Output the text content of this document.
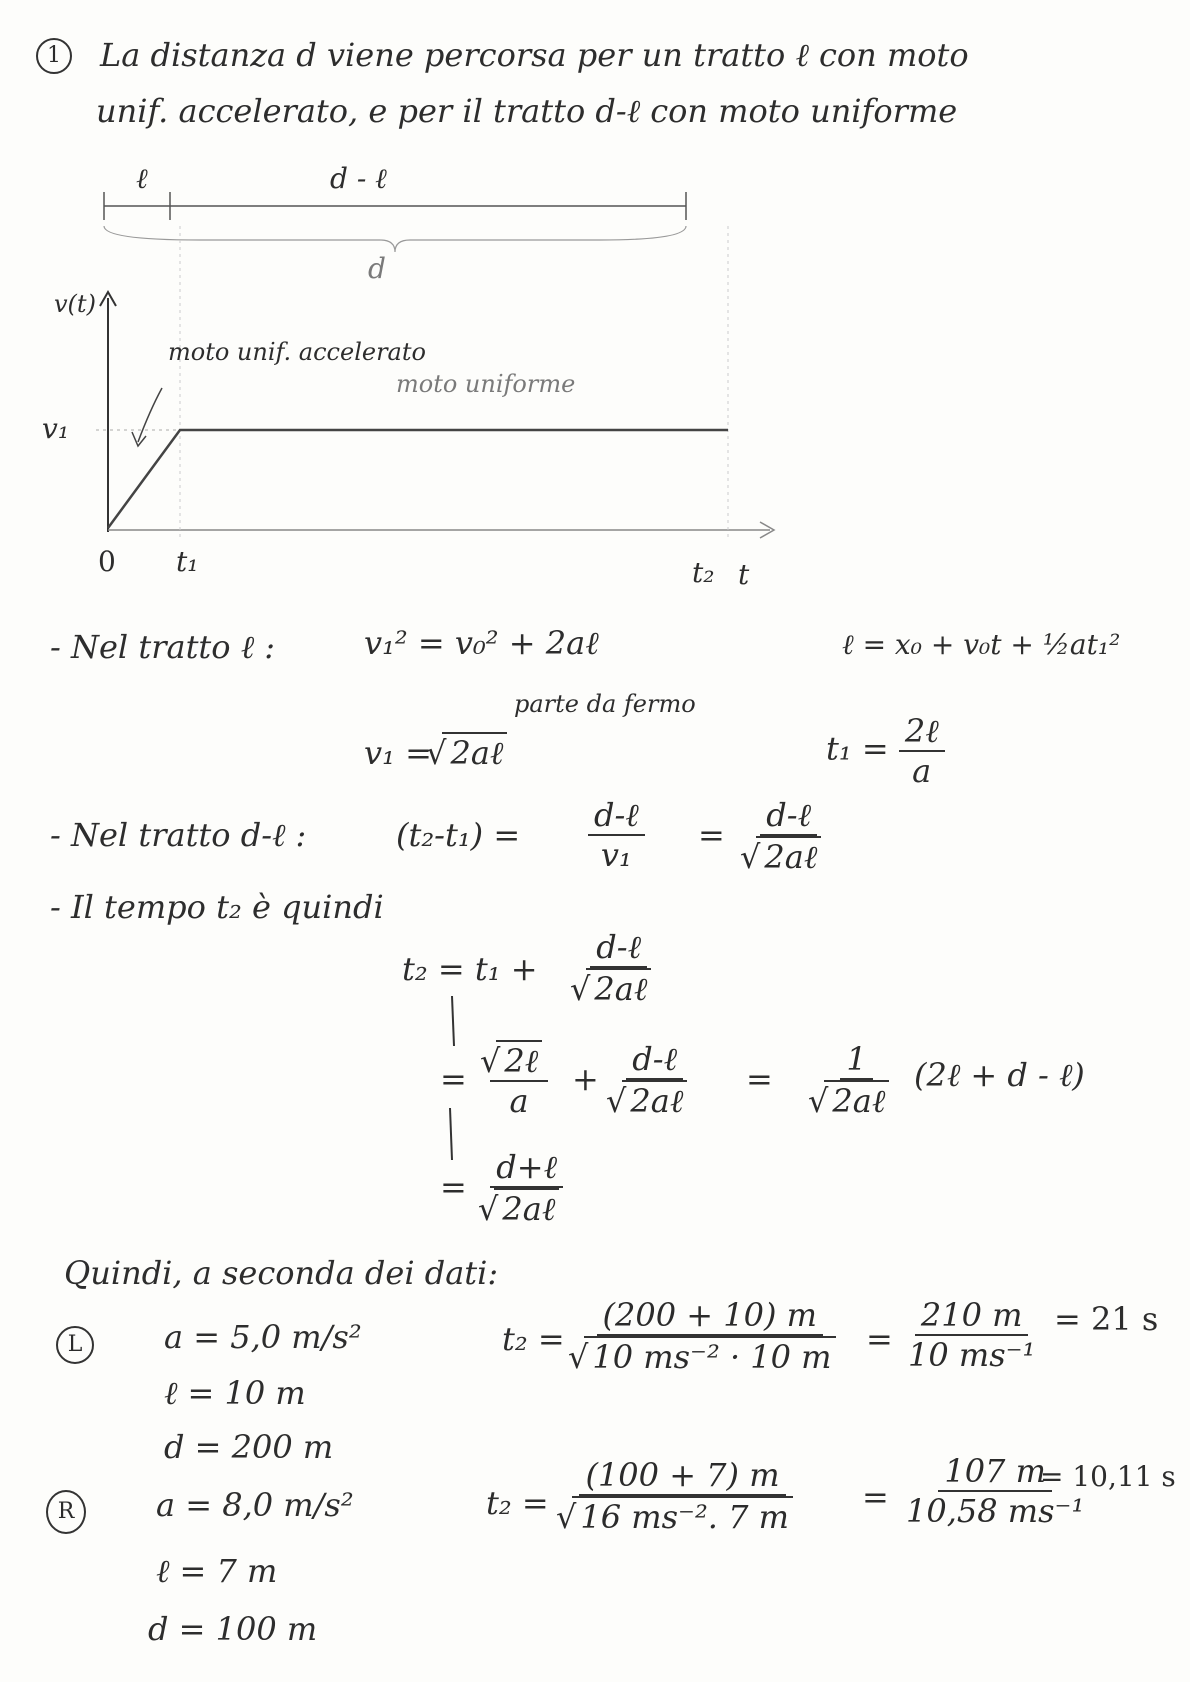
1	La distanza d viene percorsa per un tratto ℓ con moto
unif. accelerato, e per il tratto d-ℓ con moto uniforme
ℓ	d - ℓ
d
v(t)
v₁
0 t₁	t₂ t
moto unif. accelerato
moto uniforme
- Nel tratto ℓ :	v₁² = v₀² + 2aℓ
parte da fermo
v₁ = √ 2aℓ
ℓ = x₀ + v₀t + ½at₁²
$t_1 = \frac{\text{2ℓ}}{a}$
- Nel tratto d-ℓ :	(t₂-t₁) =
d-ℓ
v₁
=
d-ℓ
√ 2aℓ
- Il tempo t₂ è quindi
t₂ = t₁ +
d-ℓ
√ 2aℓ
=
√	2ℓ
a
+
d-ℓ
√ 2aℓ
=
1
√ 2aℓ
(2ℓ + d - ℓ)
=
d+ℓ
√ 2aℓ
Quindi, a seconda dei dati:
L	a = 5,0 m/s²
ℓ = 10 m
d = 200 m
t₂ = (200 + 10) m
√ 10 ms⁻² · 10 $m = \frac{210 m}{\text{10 ms⁻¹}} = 21$ s
R	a = 8,0 m/s²
ℓ = 7 m
d = 100 m
t₂ = (100 + 7) m
√ 16 ms⁻². 7 $m = \frac{107 m}{\text{10,58 ms⁻¹}}$
= 10,11 s
